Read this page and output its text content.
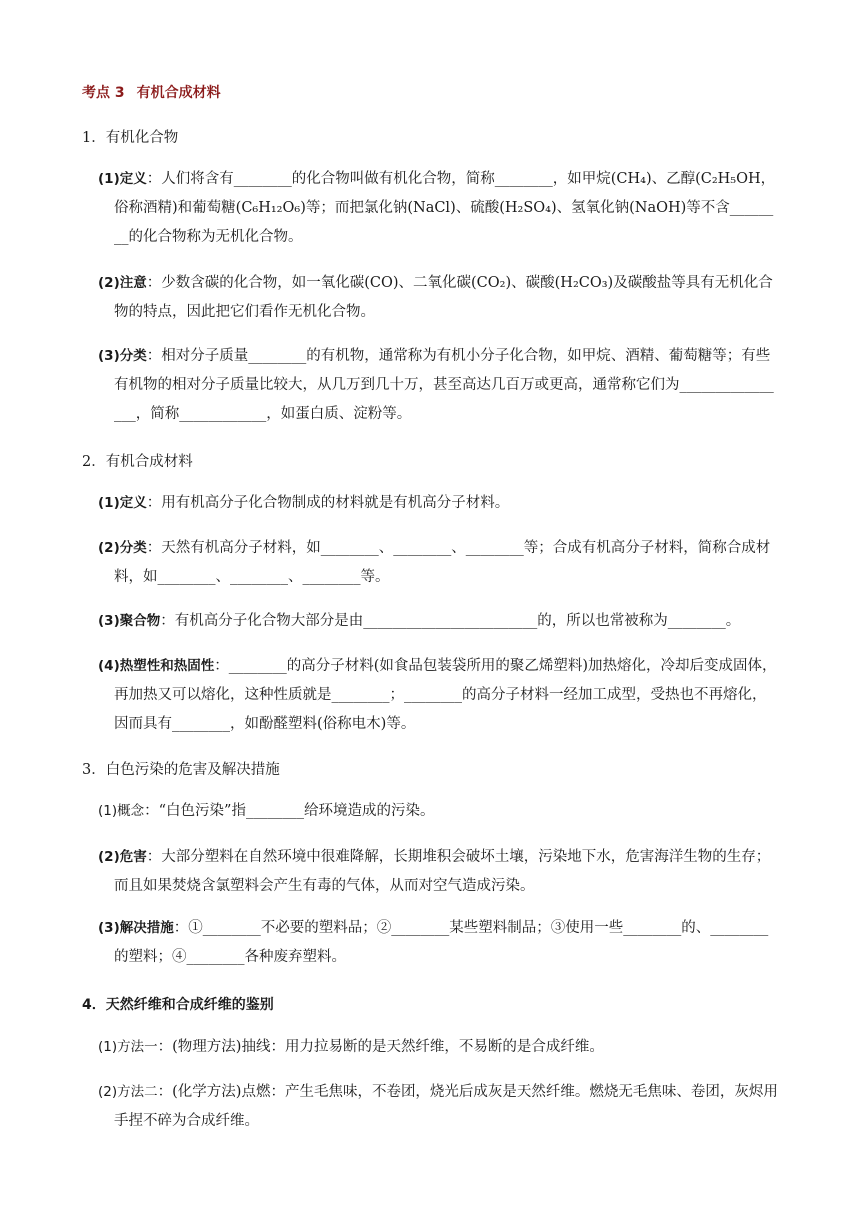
考点 3 有机合成材料
1．有机化合物
(1)定义：人们将含有________的化合物叫做有机化合物，简称________，如甲烷(CH₄)、乙醇(C₂H₅OH，俗称酒精)和葡萄糖(C₆H₁₂O₆)等；而把氯化钠(NaCl)、硫酸(H₂SO₄)、氢氧化钠(NaOH)等不含________的化合物称为无机化合物。
(2)注意：少数含碳的化合物，如一氧化碳(CO)、二氧化碳(CO₂)、碳酸(H₂CO₃)及碳酸盐等具有无机化合物的特点，因此把它们看作无机化合物。
(3)分类：相对分子质量________的有机物，通常称为有机小分子化合物，如甲烷、酒精、葡萄糖等；有些有机物的相对分子质量比较大，从几万到几十万，甚至高达几百万或更高，通常称它们为________________，简称____________，如蛋白质、淀粉等。
2．有机合成材料
(1)定义：用有机高分子化合物制成的材料就是有机高分子材料。
(2)分类：天然有机高分子材料，如________、________、________等；合成有机高分子材料，简称合成材料，如________、________、________等。
(3)聚合物：有机高分子化合物大部分是由________________________的，所以也常被称为________。
(4)热塑性和热固性：________的高分子材料(如食品包装袋所用的聚乙烯塑料)加热熔化，冷却后变成固体，再加热又可以熔化，这种性质就是________；________的高分子材料一经加工成型，受热也不再熔化，因而具有________，如酚醛塑料(俗称电木)等。
3．白色污染的危害及解决措施
(1)概念：“白色污染”指________给环境造成的污染。
(2)危害：大部分塑料在自然环境中很难降解，长期堆积会破坏土壤，污染地下水，危害海洋生物的生存；而且如果焚烧含氯塑料会产生有毒的气体，从而对空气造成污染。
(3)解决措施：①________不必要的塑料品；②________某些塑料制品；③使用一些________的、________的塑料；④________各种废弃塑料。
4．天然纤维和合成纤维的鉴别
(1)方法一：(物理方法)抽线：用力拉易断的是天然纤维，不易断的是合成纤维。
(2)方法二：(化学方法)点燃：产生毛焦味，不卷团，烧光后成灰是天然纤维。燃烧无毛焦味、卷团，灰烬用手捏不碎为合成纤维。
